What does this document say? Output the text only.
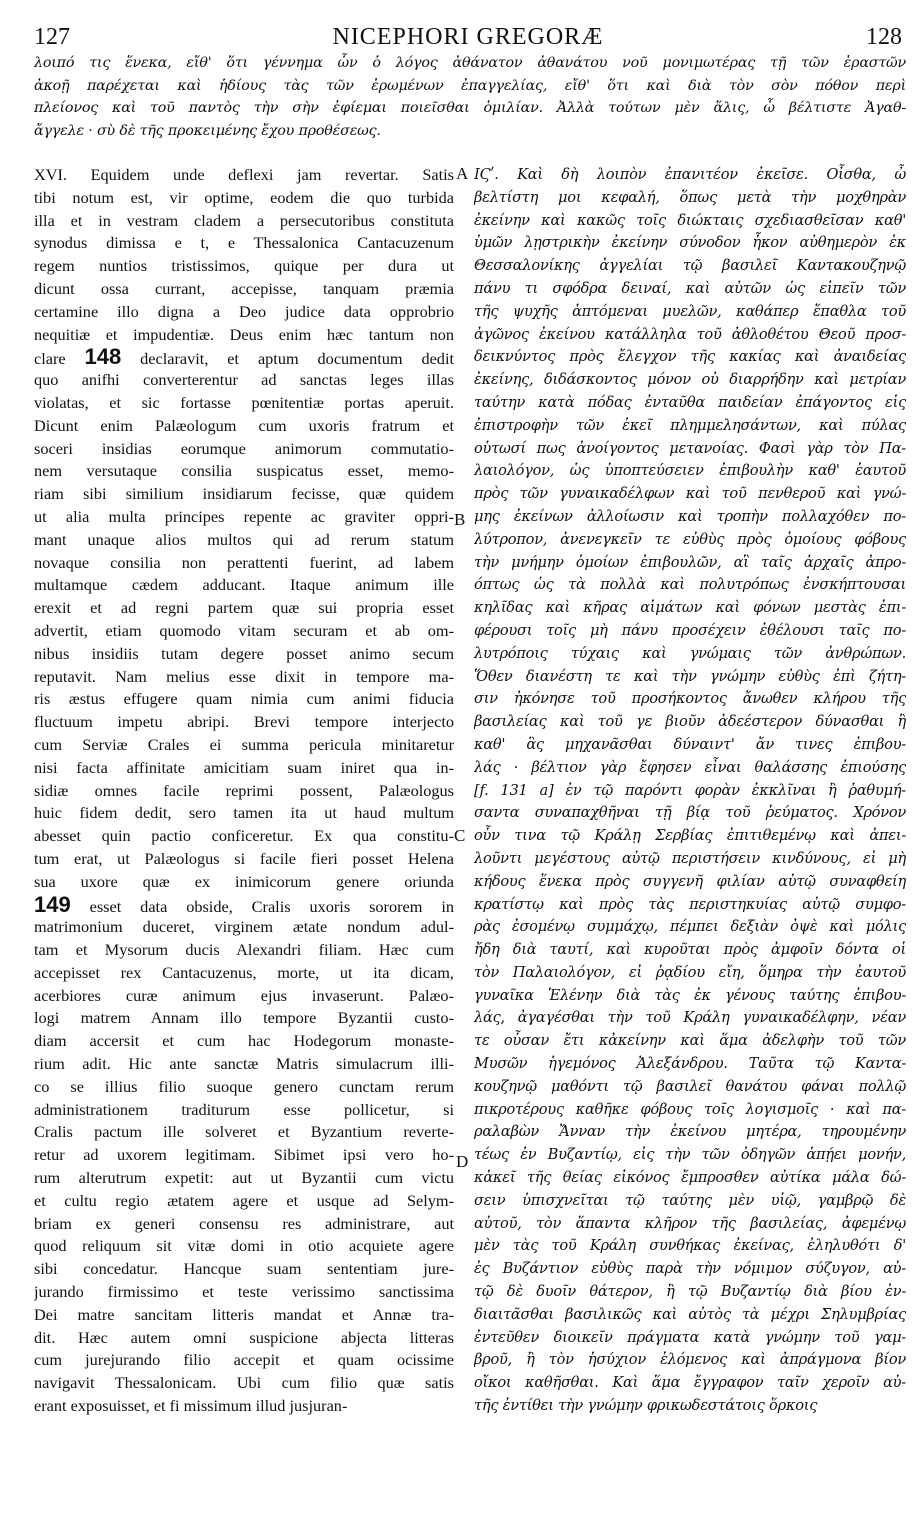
127	NICEPHORI GREGORÆ	128
λοιπό τις ἕνεκα, εἴθ' ὅτι γέννημα ὧν ὁ λόγος ἀθάνατον ἀθανάτου νοῦ μονιμωτέρας τῇ τῶν ἐραστῶν
ἀκοῇ παρέχεται καὶ ἡδίους τὰς τῶν ἐρωμένων ἐπαγγελίας, εἴθ' ὅτι καὶ διὰ τὸν σὸν πόθον περὶ
πλείονος καὶ τοῦ παντὸς τὴν σὴν ἐφίεμαι ποιεῖσθαι ὁμιλίαν. Ἀλλὰ τούτων μὲν ἅλις, ὦ βέλτιστε Ἀγαθ-
ἄγγελε · σὺ δὲ τῆς προκειμένης ἔχου προθέσεως.
XVI. Equidem unde deflexi jam revertar. Satis
tibi notum est, vir optime, eodem die quo turbida
illa et in vestram cladem a persecutoribus constituta
synodus dimissa e t, e Thessalonica Cantacuzenum
regem nuntios tristissimos, quique per dura ut
dicunt ossa currant, accepisse, tanquam præmia
certamine illo digna a Deo judice data opprobrio
nequitiæ et impudentiæ. Deus enim hæc tantum non
clare 148 declaravit, et aptum documentum dedit
quo anifhi converterentur ad sanctas leges illas
violatas, et sic fortasse pœnitentiæ portas aperuit.
Dicunt enim Palæologum cum uxoris fratrum et
soceri insidias eorumque animorum commutatio-
nem versutaque consilia suspicatus esset, memo-
riam sibi similium insidiarum fecisse, quæ quidem
ut alia multa principes repente ac graviter oppri-
mant unaque alios multos qui ad rerum statum
novaque consilia non perattenti fuerint, ad labem
multamque cædem adducant. Itaque animum ille
erexit et ad regni partem quæ sui propria esset
advertit, etiam quomodo vitam securam et ab om-
nibus insidiis tutam degere posset animo secum
reputavit. Nam melius esse dixit in tempore ma-
ris æstus effugere quam nimia cum animi fiducia
fluctuum impetu abripi. Brevi tempore interjecto
cum Serviæ Crales ei summa pericula minitaretur
nisi facta affinitate amicitiam suam iniret qua in-
sidiæ omnes facile reprimi possent, Palæologus
huic fidem dedit, sero tamen ita ut haud multum
abesset quin pactio conficeretur. Ex qua constitu-
tum erat, ut Palæologus si facile fieri posset Helena
sua uxore quæ ex inimicorum genere oriunda
149 esset data obside, Cralis uxoris sororem in
matrimonium duceret, virginem ætate nondum adul-
tam et Mysorum ducis Alexandri filiam. Hæc cum
accepisset rex Cantacuzenus, morte, ut ita dicam,
acerbiores curæ animum ejus invaserunt. Palæo-
logi matrem Annam illo tempore Byzantii custo-
diam accersit et cum hac Hodegorum monaste-
rium adit. Hic ante sanctæ Matris simulacrum illi-
co se illius filio suoque genero cunctam rerum
administrationem traditurum esse pollicetur, si
Cralis pactum ille solveret et Byzantium reverte-
retur ad uxorem legitimam. Sibimet ipsi vero ho-
rum alterutrum expetit: aut ut Byzantii cum victu
et cultu regio ætatem agere et usque ad Selym-
briam ex generi consensu res administrare, aut
quod reliquum sit vitæ domi in otio acquiete agere
sibi concedatur. Hancque suam sententiam jure-
jurando firmissimo et teste verissimo sanctissima
Dei matre sancitam litteris mandat et Annæ tra-
dit. Hæc autem omni suspicione abjecta litteras
cum jurejurando filio accepit et quam ocissime
navigavit Thessalonicam. Ubi cum filio quæ satis
erant exposuisset, et fi missimum illud jusjuran-
ΙϚʹ. Καὶ δὴ λοιπὸν ἐπανιτέον ἐκεῖσε. Οἶσθα, ὦ
βελτίστη μοι κεφαλή, ὅπως μετὰ τὴν μοχθηρὰν
ἐκείνην καὶ κακῶς τοῖς διώκταις σχεδιασθεῖσαν καθ'
ὑμῶν λῃστρικὴν ἐκείνην σύνοδον ἧκον αὐθημερὸν ἐκ
Θεσσαλονίκης ἀγγελίαι τῷ βασιλεῖ Καντακουζηνῷ
πάνυ τι σφόδρα δειναί, καὶ αὐτῶν ὡς εἰπεῖν τῶν
τῆς ψυχῆς ἁπτόμεναι μυελῶν, καθάπερ ἔπαθλα τοῦ
ἀγῶνος ἐκείνου κατάλληλα τοῦ ἀθλοθέτου Θεοῦ προσ-
δεικνύντος πρὸς ἔλεγχον τῆς κακίας καὶ ἀναιδείας
ἐκείνης, διδάσκοντος μόνον οὐ διαρρήδην καὶ μετρίαν
ταύτην κατὰ πόδας ἐνταῦθα παιδείαν ἐπάγοντος εἰς
ἐπιστροφὴν τῶν ἐκεῖ πλημμελησάντων, καὶ πύλας
οὑτωσί πως ἀνοίγοντος μετανοίας. Φασὶ γὰρ τὸν Πα-
λαιολόγον, ὡς ὑποπτεύσειεν ἐπιβουλὴν καθ' ἑαυτοῦ
πρὸς τῶν γυναικαδέλφων καὶ τοῦ πενθεροῦ καὶ γνώ-
μης ἐκείνων ἀλλοίωσιν καὶ τροπὴν πολλαχόθεν πο-
λύτροπον, ἀνενεγκεῖν τε εὐθὺς πρὸς ὁμοίους φόβους
τὴν μνήμην ὁμοίων ἐπιβουλῶν, αἳ ταῖς ἀρχαῖς ἀπρο-
όπτως ὡς τὰ πολλὰ καὶ πολυτρόπως ἐνσκήπτουσαι
κηλῖδας καὶ κῆρας αἱμάτων καὶ φόνων μεστὰς ἐπι-
φέρουσι τοῖς μὴ πάνυ προσέχειν ἐθέλουσι ταῖς πο-
λυτρόποις τύχαις καὶ γνώμαις τῶν ἀνθρώπων.
Ὅθεν διανέστη τε καὶ τὴν γνώμην εὐθὺς ἐπὶ ζήτη-
σιν ἠκόνησε τοῦ προσήκοντος ἄνωθεν κλήρου τῆς
βασιλείας καὶ τοῦ γε βιοῦν ἀδεέστερον δύνασθαι ἢ
καθ' ἃς μηχανᾶσθαι δύναιντ' ἄν τινες ἐπιβου-
λάς · βέλτιον γὰρ ἔφησεν εἶναι θαλάσσης ἐπιούσης
[f. 131 a] ἐν τῷ παρόντι φορὰν ἐκκλῖναι ἢ ῥαθυμή-
σαντα συναπαχθῆναι τῇ βίᾳ τοῦ ῥεύματος. Χρόνον
οὖν τινα τῷ Κράλῃ Σερβίας ἐπιτιθεμένῳ καὶ ἀπει-
λοῦντι μεγέστους αὐτῷ περιστήσειν κινδύνους, εἰ μὴ
κήδους ἕνεκα πρὸς συγγενῆ φιλίαν αὐτῷ συναφθείη
κρατίστῳ καὶ πρὸς τὰς περιστηκυίας αὐτῷ συμφο-
ρὰς ἐσομένῳ συμμάχῳ, πέμπει δεξιὰν ὀψὲ καὶ μόλις
ἤδη διὰ ταυτί, καὶ κυροῦται πρὸς ἀμφοῖν δόντα οἱ
τὸν Παλαιολόγον, εἰ ῥᾳδίου εἴη, ὅμηρα τὴν ἑαυτοῦ
γυναῖκα Ἑλένην διὰ τὰς ἐκ γένους ταύτης ἐπιβου-
λάς, ἀγαγέσθαι τὴν τοῦ Κράλη γυναικαδέλφην, νέαν
τε οὖσαν ἔτι κἀκείνην καὶ ἅμα ἀδελφὴν τοῦ τῶν
Μυσῶν ἡγεμόνος Ἀλεξάνδρου. Ταῦτα τῷ Καντα-
κουζηνῷ μαθόντι τῷ βασιλεῖ θανάτου φάναι πολλῷ
πικροτέρους καθῆκε φόβους τοῖς λογισμοῖς · καὶ πα-
ραλαβὼν Ἄνναν τὴν ἐκείνου μητέρα, τηρουμένην
τέως ἐν Βυζαντίῳ, εἰς τὴν τῶν ὁδηγῶν ἀπῄει μονήν,
κἀκεῖ τῆς θείας εἰκόνος ἔμπροσθεν αὐτίκα μάλα δώ-
σειν ὑπισχνεῖται τῷ ταύτης μὲν υἱῷ, γαμβρῷ δὲ
αὐτοῦ, τὸν ἅπαντα κλῆρον τῆς βασιλείας, ἀφεμένῳ
μὲν τὰς τοῦ Κράλη συνθήκας ἐκείνας, ἐληλυθότι δ'
ἐς Βυζάντιον εὐθὺς παρὰ τὴν νόμιμον σύζυγον, αὐ-
τῷ δὲ δυοῖν θάτερον, ἢ τῷ Βυζαντίῳ διὰ βίου ἐν-
διαιτᾶσθαι βασιλικῶς καὶ αὐτὸς τὰ μέχρι Σηλυμβρίας
ἐντεῦθεν διοικεῖν πράγματα κατὰ γνώμην τοῦ γαμ-
βροῦ, ἢ τὸν ἡσύχιον ἑλόμενος καὶ ἀπράγμονα βίον
οἴκοι καθῆσθαι. Καὶ ἅμα ἔγγραφον ταῖν χεροῖν αὐ-
τῆς ἐντίθει τὴν γνώμην φρικωδεστάτοις ὅρκοις
A
B
C
D
